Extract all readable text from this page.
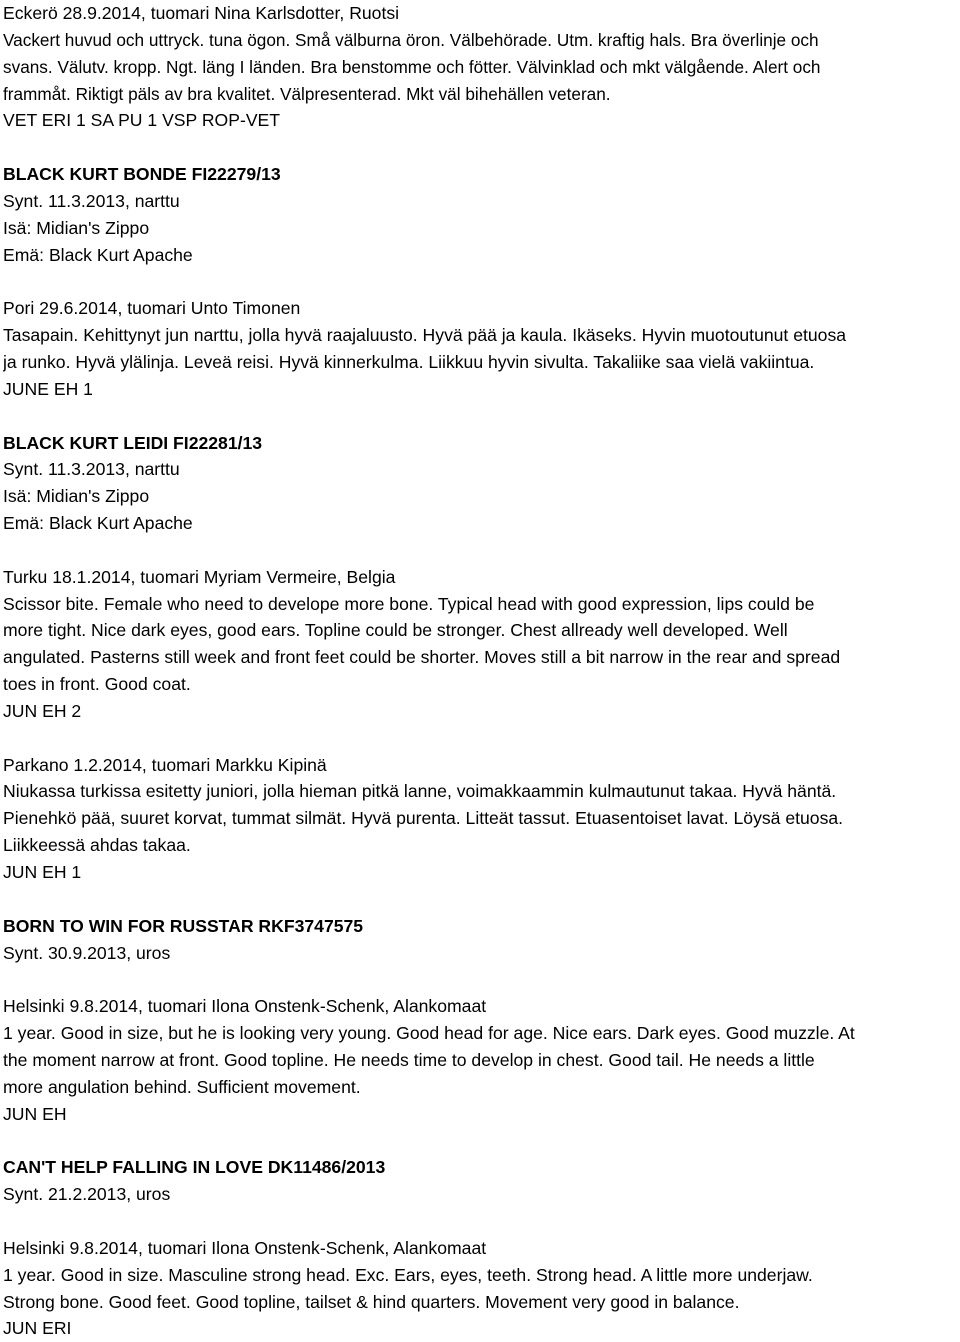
Eckerö 28.9.2014, tuomari Nina Karlsdotter, Ruotsi
Vackert huvud och uttryck. tuna ögon. Små välburna öron. Välbehörade. Utm. kraftig hals. Bra överlinje och
svans. Välutv. kropp. Ngt. läng I länden. Bra benstomme och fötter. Välvinklad och mkt välgående. Alert och
frammåt. Riktigt päls av bra kvalitet. Välpresenterad. Mkt väl bihehällen veteran.
VET ERI 1 SA PU 1 VSP ROP-VET
BLACK KURT BONDE FI22279/13
Synt. 11.3.2013, narttu
Isä: Midian's Zippo
Emä: Black Kurt Apache
Pori 29.6.2014, tuomari Unto Timonen
Tasapain. Kehittynyt jun narttu, jolla hyvä raajaluusto. Hyvä pää ja kaula. Ikäseks. Hyvin muotoutunut etuosa
ja runko. Hyvä ylälinja. Leveä reisi. Hyvä kinnerkulma. Liikkuu hyvin sivulta. Takaliike saa vielä vakiintua.
JUNE EH 1
BLACK KURT LEIDI FI22281/13
Synt. 11.3.2013, narttu
Isä: Midian's Zippo
Emä: Black Kurt Apache
Turku 18.1.2014, tuomari Myriam Vermeire, Belgia
Scissor bite. Female who need to develope more bone. Typical head with good expression, lips could be
more tight. Nice dark eyes, good ears. Topline could be stronger. Chest allready well developed. Well
angulated. Pasterns still week and front feet could be shorter. Moves still a bit narrow in the rear and spread
toes in front. Good coat.
JUN EH 2
Parkano 1.2.2014, tuomari Markku Kipinä
Niukassa turkissa esitetty juniori, jolla hieman pitkä lanne, voimakkaammin kulmautunut takaa. Hyvä häntä.
Pienehkö pää, suuret korvat, tummat silmät. Hyvä purenta. Litteät tassut. Etuasentoiset lavat. Löysä etuosa.
Liikkeessä ahdas takaa.
JUN EH 1
BORN TO WIN FOR RUSSTAR RKF3747575
Synt. 30.9.2013, uros
Helsinki 9.8.2014, tuomari Ilona Onstenk-Schenk, Alankomaat
1 year. Good in size, but he is looking very young. Good head for age. Nice ears. Dark eyes. Good muzzle. At
the moment narrow at front. Good topline. He needs time to develop in chest. Good tail. He needs a little
more angulation behind. Sufficient movement.
JUN EH
CAN'T HELP FALLING IN LOVE DK11486/2013
Synt. 21.2.2013, uros
Helsinki 9.8.2014, tuomari Ilona Onstenk-Schenk, Alankomaat
1 year. Good in size. Masculine strong head. Exc. Ears, eyes, teeth. Strong head. A little more underjaw.
Strong bone. Good feet. Good topline, tailset & hind quarters. Movement very good in balance.
JUN ERI
